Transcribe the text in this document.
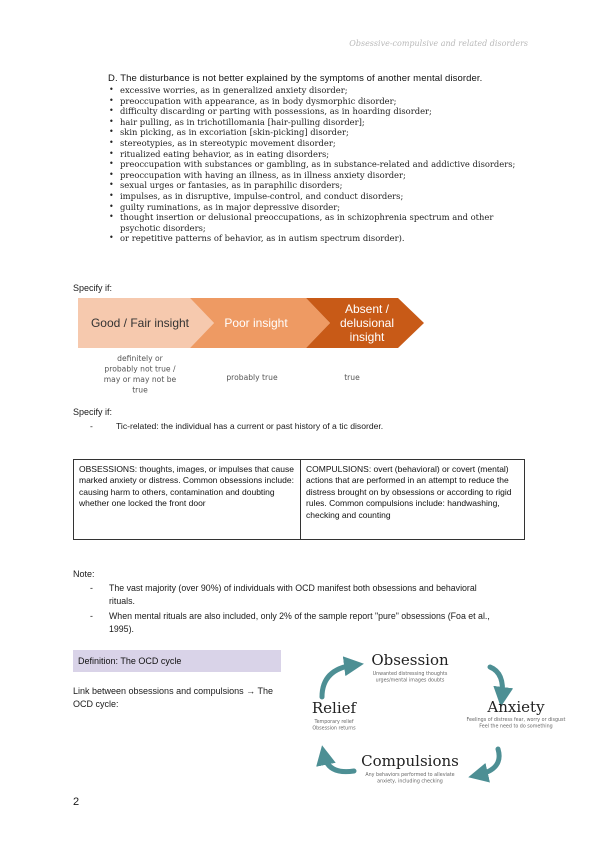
Obsessive-compulsive and related disorders
D. The disturbance is not better explained by the symptoms of another mental disorder.
• excessive worries, as in generalized anxiety disorder;
• preoccupation with appearance, as in body dysmorphic disorder;
• difficulty discarding or parting with possessions, as in hoarding disorder;
• hair pulling, as in trichotillomania [hair-pulling disorder];
• skin picking, as in excoriation [skin-picking] disorder;
• stereotypies, as in stereotypic movement disorder;
• ritualized eating behavior, as in eating disorders;
• preoccupation with substances or gambling, as in substance-related and addictive disorders;
• preoccupation with having an illness, as in illness anxiety disorder;
• sexual urges or fantasies, as in paraphilic disorders;
• impulses, as in disruptive, impulse-control, and conduct disorders;
• guilty ruminations, as in major depressive disorder;
• thought insertion or delusional preoccupations, as in schizophrenia spectrum and other psychotic disorders;
• or repetitive patterns of behavior, as in autism spectrum disorder).
Specify if:
Good / Fair insight
definitely or
probably not true /
may or may not be
true
Poor insight
probably true
Absent /
delusional
insight
true
Specify if:
-	Tic-related: the individual has a current or past history of a tic disorder.
OBSESSIONS: thoughts, images, or impulses that cause marked anxiety or distress. Common obsessions include: causing harm to others, contamination and doubting whether one locked the front door
COMPULSIONS: overt (behavioral) or covert (mental) actions that are performed in an attempt to reduce the distress brought on by obsessions or according to rigid rules. Common compulsions include: handwashing, checking and counting
Note:
- The vast majority (over 90%) of individuals with OCD manifest both obsessions and behavioral rituals.
- When mental rituals are also included, only 2% of the sample report "pure" obsessions (Foa et al., 1995).
Definition: The OCD cycle
Link between obsessions and compulsions → The OCD cycle:
Obsession
Unwanted distressing thoughts
urges/mental images doubts
Anxiety
Feelings of distress fear, worry or disgust
Feel the need to do something
Compulsions
Any behaviors performed to alleviate
anxiety, including checking
Relief
Temporary relief
Obsession returns
2
